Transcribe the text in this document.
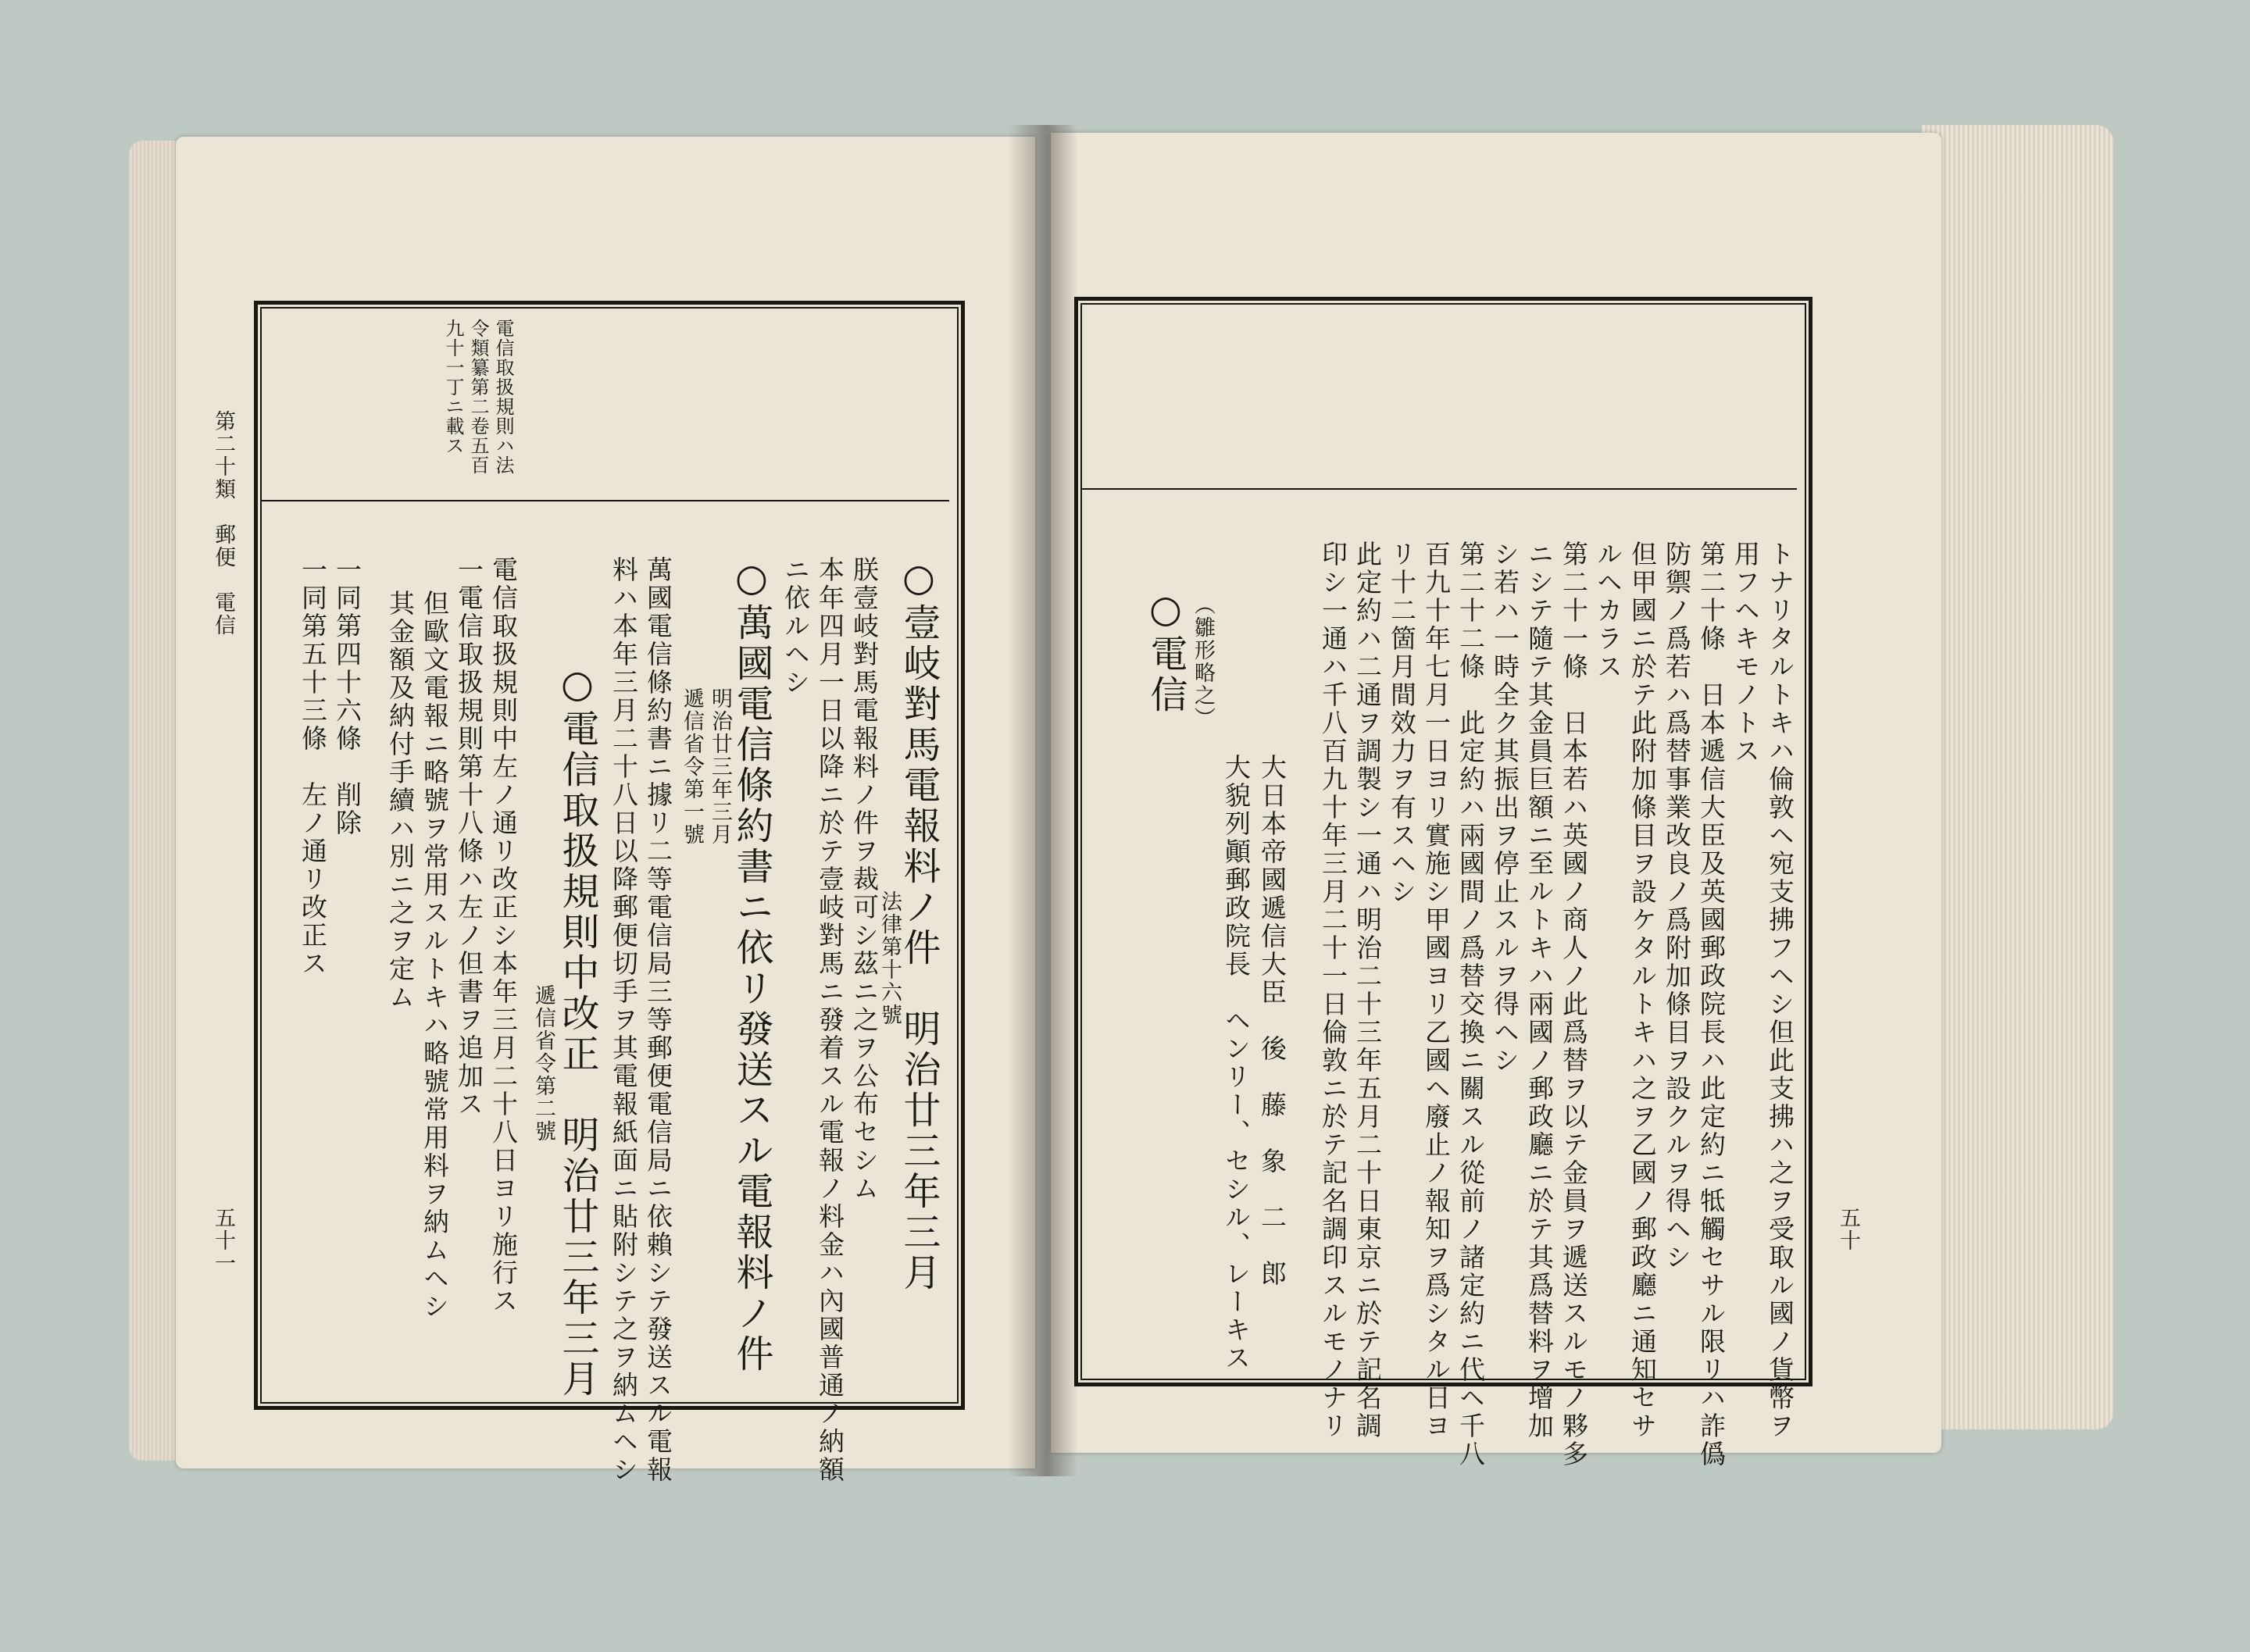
第二十類　郵便　電信
五十一
電信取扱規則ハ法
令類纂第二卷五百
九十一丁ニ載ス
○壹岐對馬電報料ノ件　明治廿三年三月
法律第十六號
朕壹岐對馬電報料ノ件ヲ裁可シ茲ニ之ヲ公布セシム
本年四月一日以降ニ於テ壹岐對馬ニ發着スル電報ノ料金ハ內國普通ノ納額
ニ依ルヘシ
○萬國電信條約書ニ依リ發送スル電報料ノ件
明治廿三年三月
遞信省令第一號
萬國電信條約書ニ據リ二等電信局三等郵便電信局ニ依賴シテ發送スル電報
料ハ本年三月二十八日以降郵便切手ヲ其電報紙面ニ貼附シテ之ヲ納ムヘシ
○電信取扱規則中改正　明治廿三年三月
遞信省令第二號
電信取扱規則中左ノ通リ改正シ本年三月二十八日ヨリ施行ス
一電信取扱規則第十八條ハ左ノ但書ヲ追加ス
但歐文電報ニ略號ヲ常用スルトキハ略號常用料ヲ納ムヘシ
其金額及納付手續ハ別ニ之ヲ定ム
一同第四十六條　削除
一同第五十三條　左ノ通リ改正ス
五十
トナリタルトキハ倫敦ヘ宛支拂フヘシ但此支拂ハ之ヲ受取ル國ノ貨幣ヲ
用フヘキモノトス
第二十條　日本遞信大臣及英國郵政院長ハ此定約ニ牴觸セサル限リハ詐僞
防禦ノ爲若ハ爲替事業改良ノ爲附加條目ヲ設クルヲ得ヘシ
但甲國ニ於テ此附加條目ヲ設ケタルトキハ之ヲ乙國ノ郵政廳ニ通知セサ
ルヘカラス
第二十一條　日本若ハ英國ノ商人ノ此爲替ヲ以テ金員ヲ遞送スルモノ夥多
ニシテ隨テ其金員巨額ニ至ルトキハ兩國ノ郵政廳ニ於テ其爲替料ヲ增加
シ若ハ一時全ク其振出ヲ停止スルヲ得ヘシ
第二十二條　此定約ハ兩國間ノ爲替交換ニ關スル從前ノ諸定約ニ代ヘ千八
百九十年七月一日ヨリ實施シ甲國ヨリ乙國ヘ廢止ノ報知ヲ爲シタル日ヨ
リ十二箇月間效力ヲ有スヘシ
此定約ハ二通ヲ調製シ一通ハ明治二十三年五月二十日東京ニ於テ記名調
印シ一通ハ千八百九十年三月二十一日倫敦ニ於テ記名調印スルモノナリ
大日本帝國遞信大臣　後　藤　象　二　郎
大貌列顚郵政院長　ヘンリー、セシル、レーキス
（雛形略之）
○電信
